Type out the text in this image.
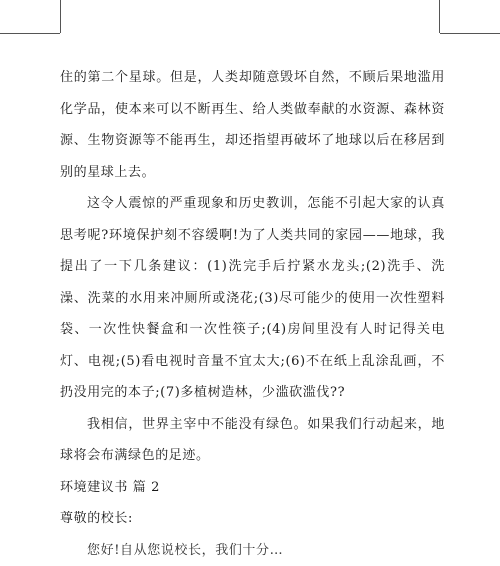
住的第二个星球。但是，人类却随意毁坏自然，不顾后果地滥用化学品，使本来可以不断再生、给人类做奉献的水资源、森林资源、生物资源等不能再生，却还指望再破坏了地球以后在移居到别的星球上去。

这令人震惊的严重现象和历史教训，怎能不引起大家的认真思考呢?环境保护刻不容缓啊!为了人类共同的家园——地球，我提出了一下几条建议：(1)洗完手后拧紧水龙头;(2)洗手、洗澡、洗菜的水用来冲厕所或浇花;(3)尽可能少的使用一次性塑料袋、一次性快餐盒和一次性筷子;(4)房间里没有人时记得关电灯、电视;(5)看电视时音量不宜太大;(6)不在纸上乱涂乱画，不扔没用完的本子;(7)多植树造林，少滥砍滥伐??

我相信，世界主宰中不能没有绿色。如果我们行动起来，地球将会布满绿色的足迹。

环境建议书 篇 2

尊敬的校长:

您好!自从您说校长，我们十分…
